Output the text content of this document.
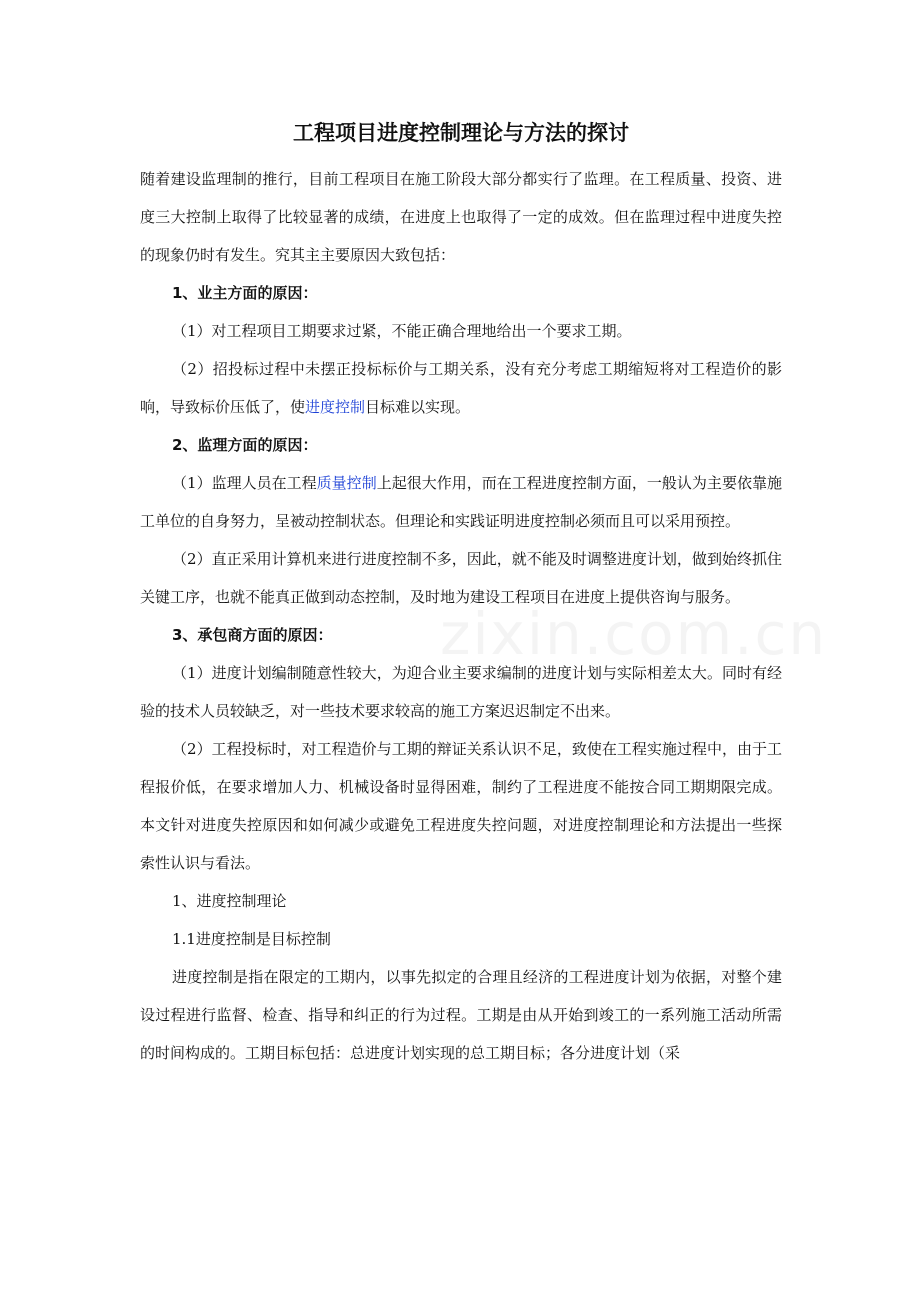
zixin.com.cn
工程项目进度控制理论与方法的探讨

随着建设监理制的推行，目前工程项目在施工阶段大部分都实行了监理。在工程质量、投资、进度三大控制上取得了比较显著的成绩，在进度上也取得了一定的成效。但在监理过程中进度失控的现象仍时有发生。究其主主要原因大致包括：

1、业主方面的原因：

（1）对工程项目工期要求过紧，不能正确合理地给出一个要求工期。

（2）招投标过程中未摆正投标标价与工期关系，没有充分考虑工期缩短将对工程造价的影响，导致标价压低了，使进度控制目标难以实现。

2、监理方面的原因：

（1）监理人员在工程质量控制上起很大作用，而在工程进度控制方面，一般认为主要依靠施工单位的自身努力，呈被动控制状态。但理论和实践证明进度控制必须而且可以采用预控。

（2）直正采用计算机来进行进度控制不多，因此，就不能及时调整进度计划，做到始终抓住关键工序，也就不能真正做到动态控制，及时地为建设工程项目在进度上提供咨询与服务。

3、承包商方面的原因：

（1）进度计划编制随意性较大，为迎合业主要求编制的进度计划与实际相差太大。同时有经验的技术人员较缺乏，对一些技术要求较高的施工方案迟迟制定不出来。

（2）工程投标时，对工程造价与工期的辩证关系认识不足，致使在工程实施过程中，由于工程报价低，在要求增加人力、机械设备时显得困难，制约了工程进度不能按合同工期期限完成。本文针对进度失控原因和如何减少或避免工程进度失控问题，对进度控制理论和方法提出一些探索性认识与看法。

1、进度控制理论

1.1进度控制是目标控制

进度控制是指在限定的工期内，以事先拟定的合理且经济的工程进度计划为依据，对整个建设过程进行监督、检查、指导和纠正的行为过程。工期是由从开始到竣工的一系列施工活动所需的时间构成的。工期目标包括：总进度计划实现的总工期目标；各分进度计划（采
